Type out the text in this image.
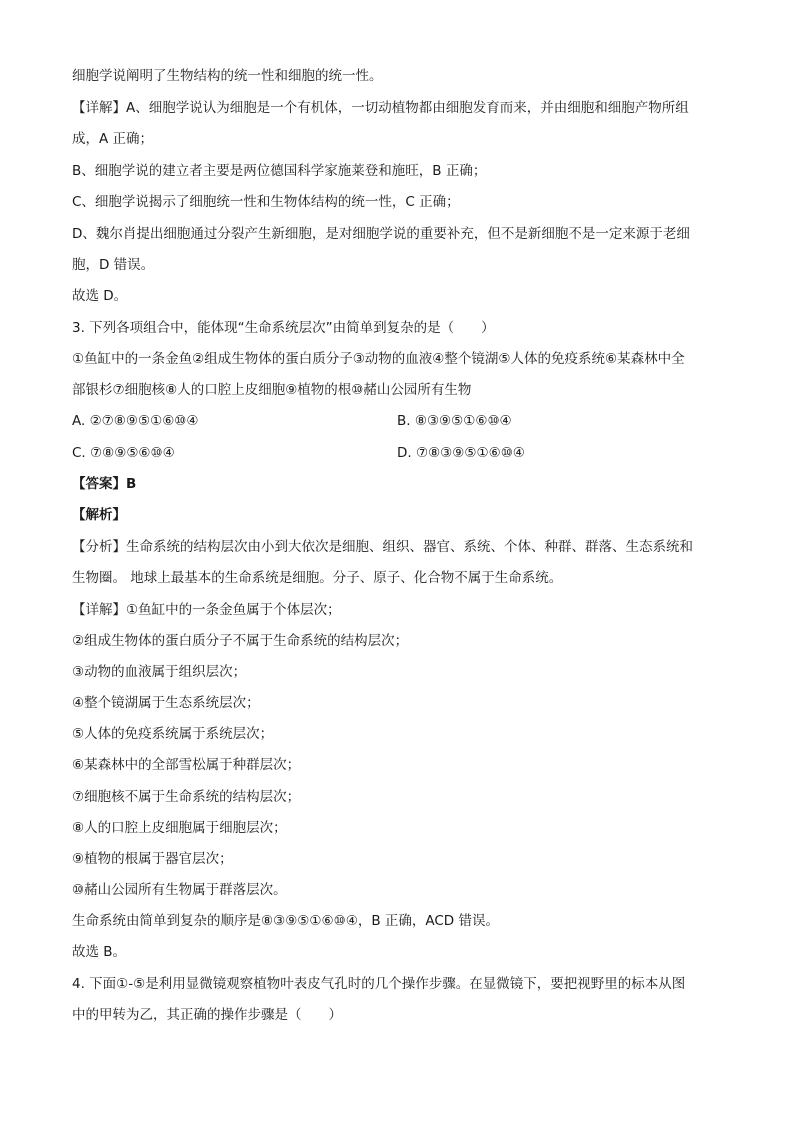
细胞学说阐明了生物结构的统一性和细胞的统一性。
【详解】A、细胞学说认为细胞是一个有机体，一切动植物都由细胞发育而来，并由细胞和细胞产物所组
成，A 正确；
B、细胞学说的建立者主要是两位德国科学家施莱登和施旺，B 正确；
C、细胞学说揭示了细胞统一性和生物体结构的统一性，C 正确；
D、魏尔肖提出细胞通过分裂产生新细胞，是对细胞学说的重要补充，但不是新细胞不是一定来源于老细
胞，D 错误。
故选 D。
3. 下列各项组合中，能体现“生命系统层次”由简单到复杂的是（　　）
①鱼缸中的一条金鱼②组成生物体的蛋白质分子③动物的血液④整个镜湖⑤人体的免疫系统⑥某森林中全
部银杉⑦细胞核⑧人的口腔上皮细胞⑨植物的根⑩赭山公园所有生物
A. ②⑦⑧⑨⑤①⑥⑩④	B. ⑧③⑨⑤①⑥⑩④
C. ⑦⑧⑨⑤⑥⑩④	D. ⑦⑧③⑨⑤①⑥⑩④
【答案】B
【解析】
【分析】生命系统的结构层次由小到大依次是细胞、组织、器官、系统、个体、种群、群落、生态系统和
生物圈。 地球上最基本的生命系统是细胞。分子、原子、化合物不属于生命系统。
【详解】①鱼缸中的一条金鱼属于个体层次；
②组成生物体的蛋白质分子不属于生命系统的结构层次；
③动物的血液属于组织层次；
④整个镜湖属于生态系统层次；
⑤人体的免疫系统属于系统层次；
⑥某森林中的全部雪松属于种群层次；
⑦细胞核不属于生命系统的结构层次；
⑧人的口腔上皮细胞属于细胞层次；
⑨植物的根属于器官层次；
⑩赭山公园所有生物属于群落层次。
生命系统由简单到复杂的顺序是⑧③⑨⑤①⑥⑩④，B 正确，ACD 错误。
故选 B。
4. 下面①-⑤是利用显微镜观察植物叶表皮气孔时的几个操作步骤。在显微镜下，要把视野里的标本从图
中的甲转为乙，其正确的操作步骤是（　　）
